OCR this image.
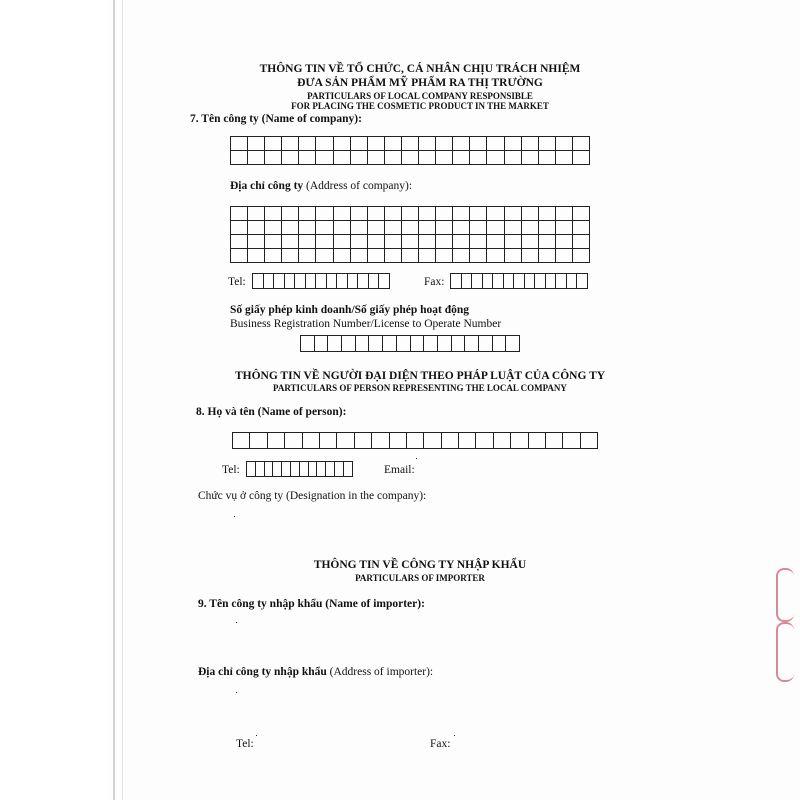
THÔNG TIN VỀ TỔ CHỨC, CÁ NHÂN CHỊU TRÁCH NHIỆM
ĐƯA SẢN PHẨM MỸ PHẨM RA THỊ TRƯỜNG
PARTICULARS OF LOCAL COMPANY RESPONSIBLE
FOR PLACING THE COSMETIC PRODUCT IN THE MARKET
7. Tên công ty (Name of company):
Địa chỉ công ty (Address of company):
Tel:	Fax:
Số giấy phép kinh doanh/Số giấy phép hoạt động
Business Registration Number/License to Operate Number
THÔNG TIN VỀ NGƯỜI ĐẠI DIỆN THEO PHÁP LUẬT CỦA CÔNG TY
PARTICULARS OF PERSON REPRESENTING THE LOCAL COMPANY
8. Họ và tên (Name of person):
Tel:	Email:
Chức vụ ở công ty (Designation in the company):
THÔNG TIN VỀ CÔNG TY NHẬP KHẨU
PARTICULARS OF IMPORTER
9. Tên công ty nhập khẩu (Name of importer):
Địa chỉ công ty nhập khẩu (Address of importer):
Tel:	Fax:
